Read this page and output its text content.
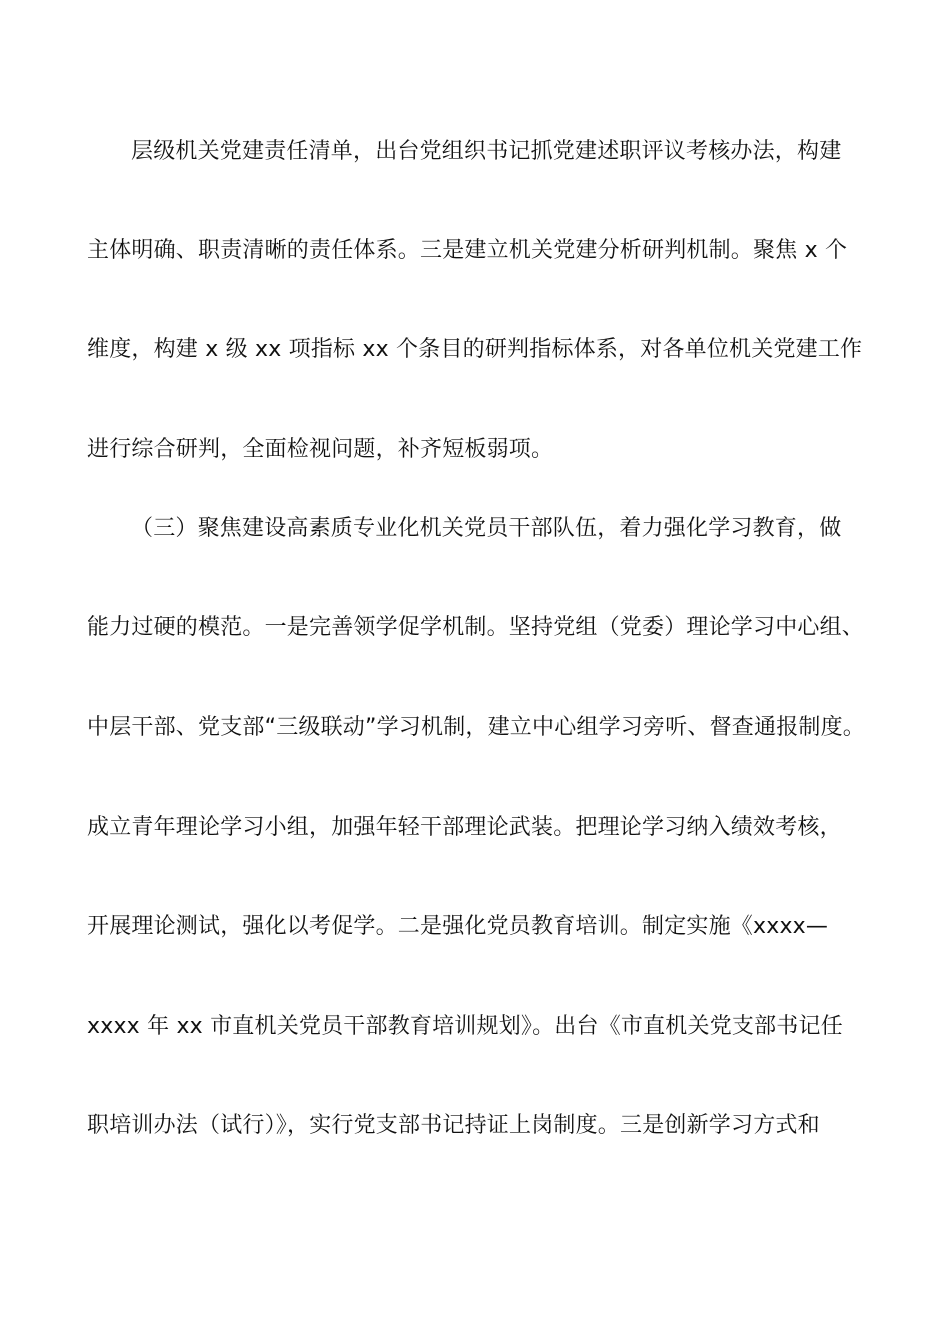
层级机关党建责任清单，出台党组织书记抓党建述职评议考核办法，构建
主体明确、职责清晰的责任体系。三是建立机关党建分析研判机制。聚焦 x 个
维度，构建 x 级 xx 项指标 xx 个条目的研判指标体系，对各单位机关党建工作
进行综合研判，全面检视问题，补齐短板弱项。
（三）聚焦建设高素质专业化机关党员干部队伍，着力强化学习教育，做
能力过硬的模范。一是完善领学促学机制。坚持党组（党委）理论学习中心组、
中层干部、党支部“三级联动”学习机制，建立中心组学习旁听、督查通报制度。
成立青年理论学习小组，加强年轻干部理论武装。把理论学习纳入绩效考核，
开展理论测试，强化以考促学。二是强化党员教育培训。制定实施《xxxx—
xxxx 年 xx 市直机关党员干部教育培训规划》。出台《市直机关党支部书记任
职培训办法（试行）》，实行党支部书记持证上岗制度。三是创新学习方式和
